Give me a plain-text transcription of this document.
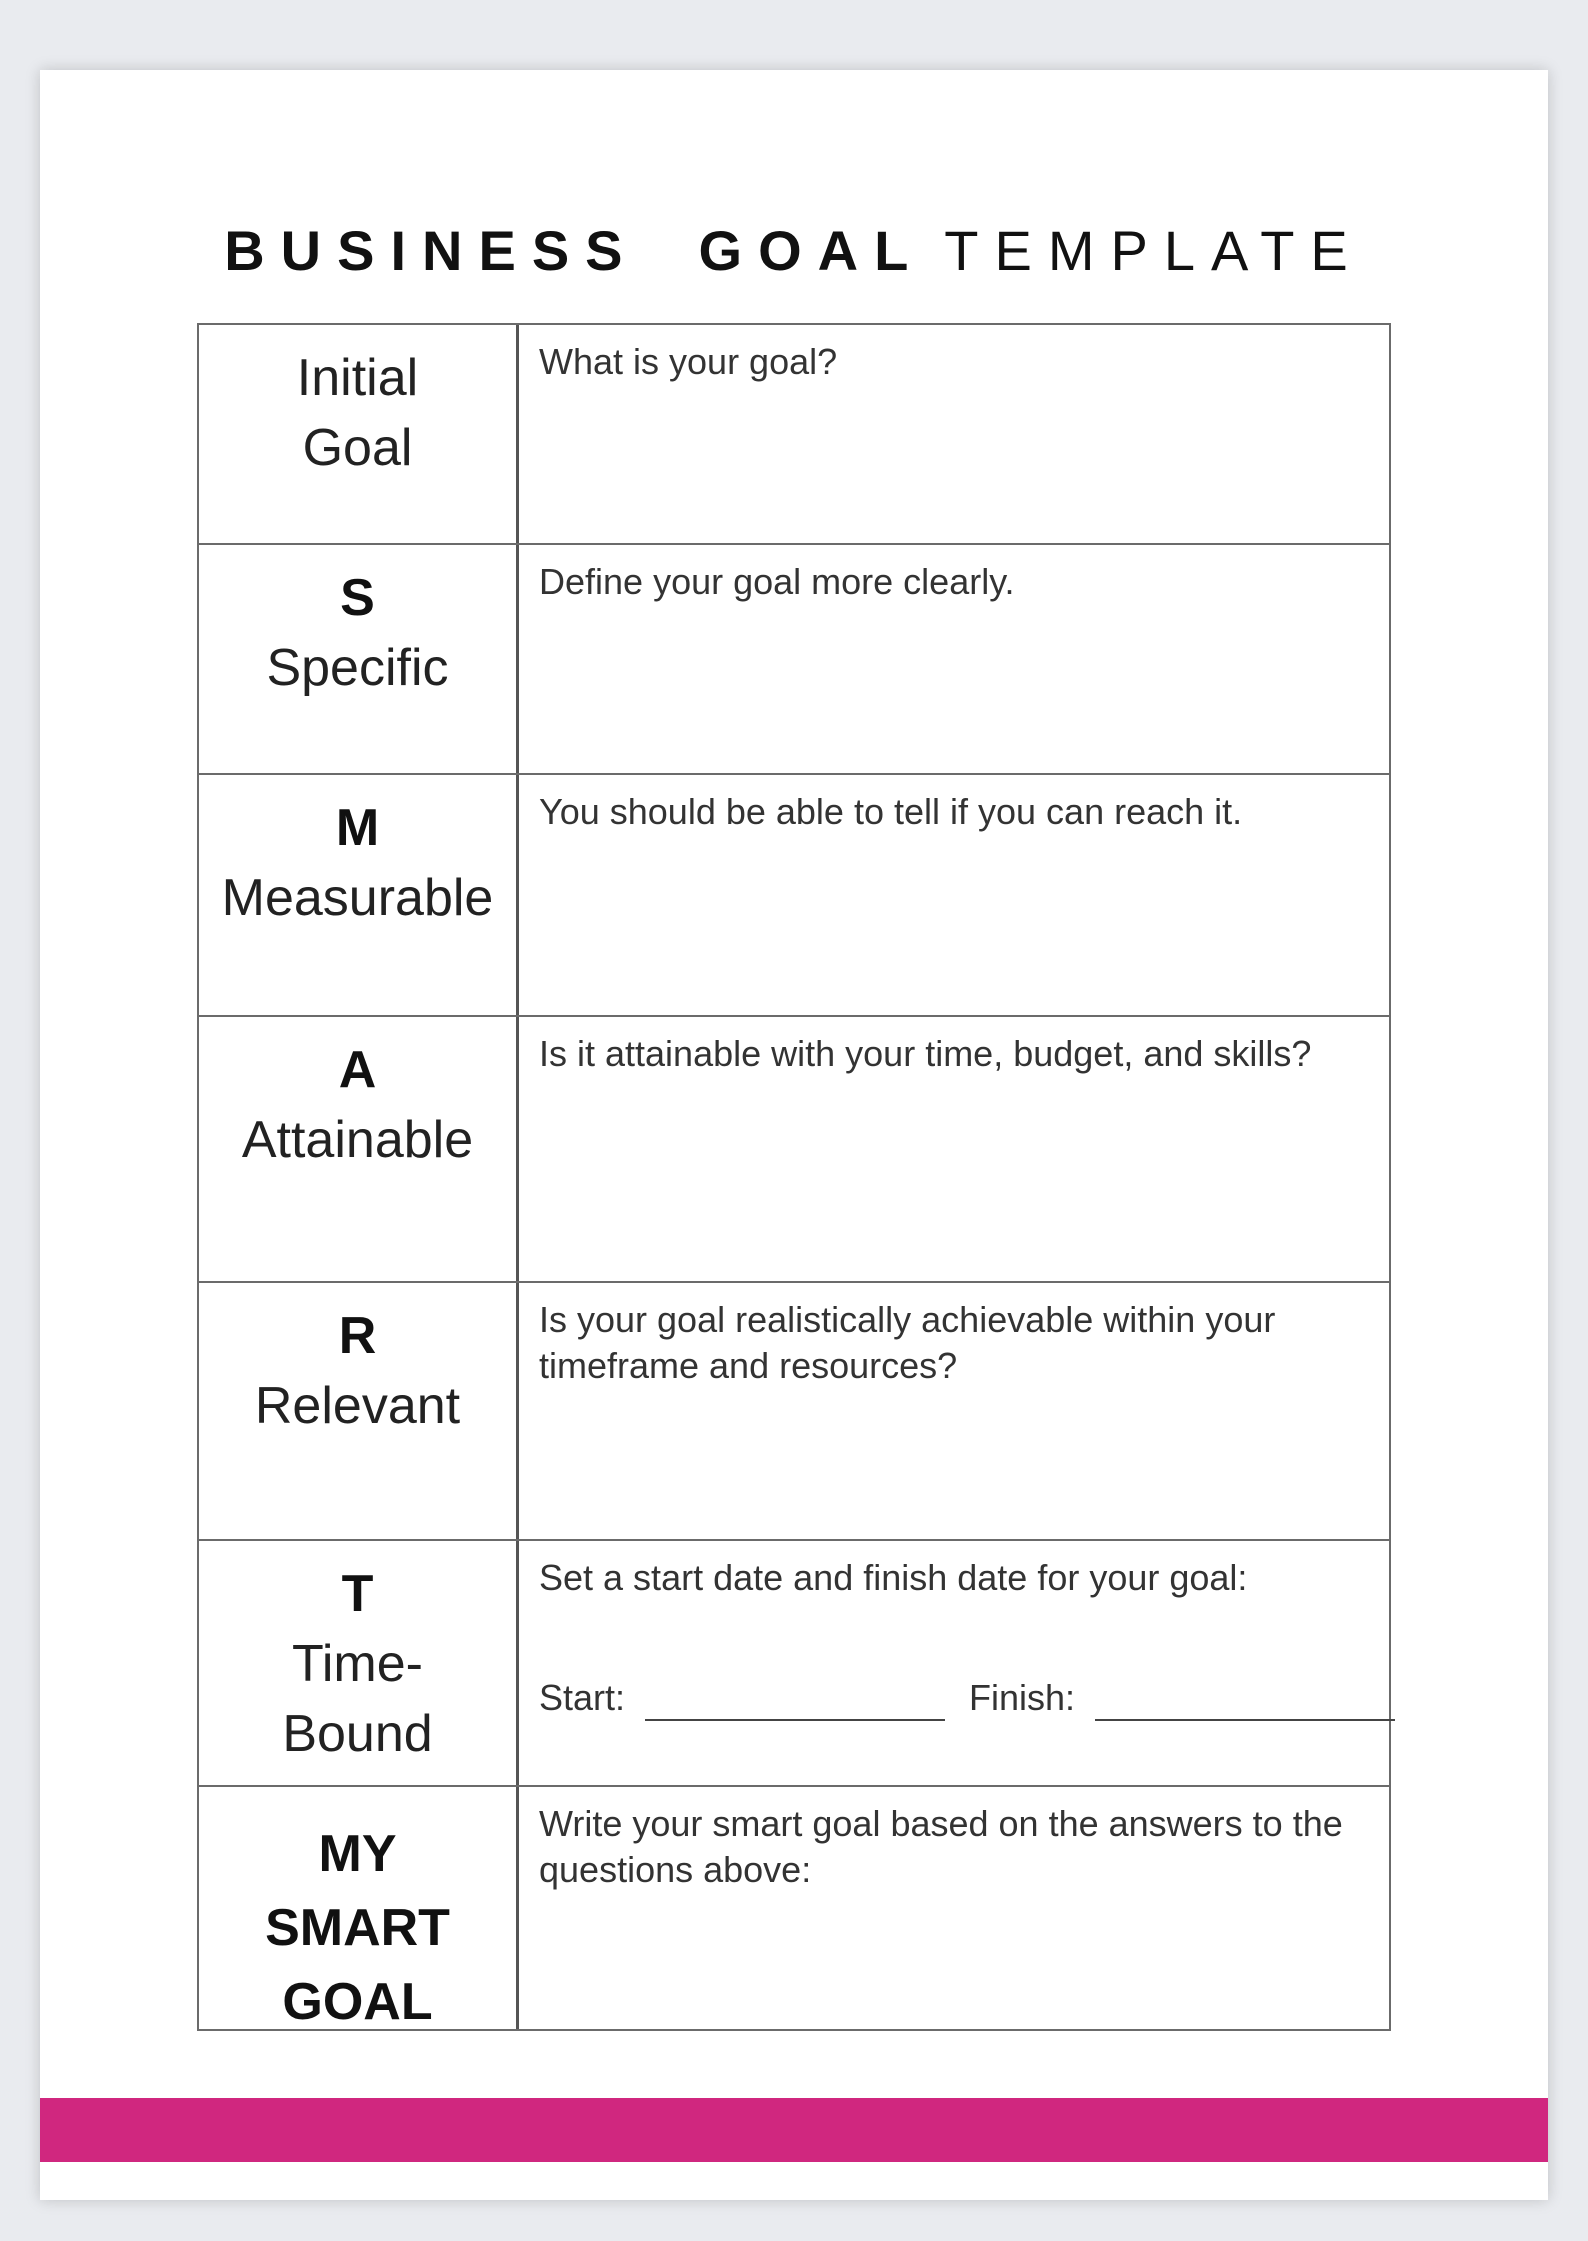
BUSINESS GOAL TEMPLATE
Initial
Goal
What is your goal?
S
Specific
Define your goal more clearly.
M
Measurable
You should be able to tell if you can reach it.
A
Attainable
Is it attainable with your time, budget, and skills?
R
Relevant
Is your goal realistically achievable within your timeframe and resources?
T
Time-
Bound
Set a start date and finish date for your goal:
Start:	Finish:
MY
SMART
GOAL
Write your smart goal based on the answers to the questions above:
